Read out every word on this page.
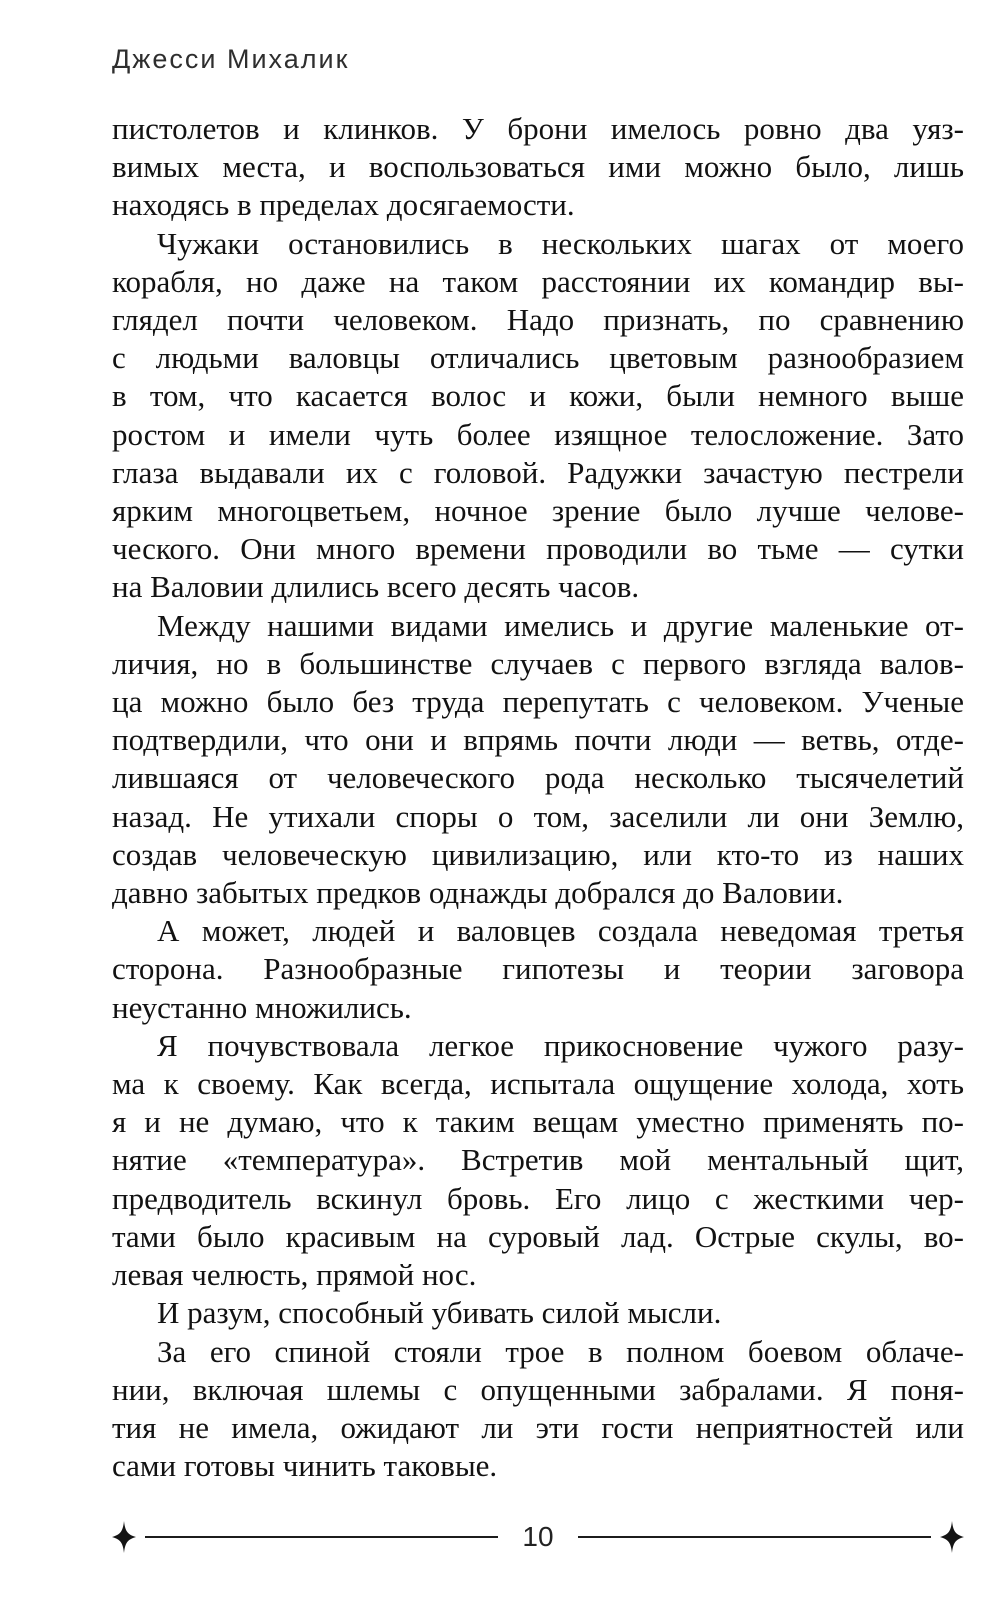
Джесси Михалик
пистолетов и клинков. У брони имелось ровно два уяз-
вимых места, и воспользоваться ими можно было, лишь
находясь в пределах досягаемости.
Чужаки остановились в нескольких шагах от моего
корабля, но даже на таком расстоянии их командир вы-
глядел почти человеком. Надо признать, по сравнению
с людьми валовцы отличались цветовым разнообразием
в том, что касается волос и кожи, были немного выше
ростом и имели чуть более изящное телосложение. Зато
глаза выдавали их с головой. Радужки зачастую пестрели
ярким многоцветьем, ночное зрение было лучше челове-
ческого. Они много времени проводили во тьме — сутки
на Валовии длились всего десять часов.
Между нашими видами имелись и другие маленькие от-
личия, но в большинстве случаев с первого взгляда валов-
ца можно было без труда перепутать с человеком. Ученые
подтвердили, что они и впрямь почти люди — ветвь, отде-
лившаяся от человеческого рода несколько тысячелетий
назад. Не утихали споры о том, заселили ли они Землю,
создав человеческую цивилизацию, или кто-то из наших
давно забытых предков однажды добрался до Валовии.
А может, людей и валовцев создала неведомая третья
сторона. Разнообразные гипотезы и теории заговора
неустанно множились.
Я почувствовала легкое прикосновение чужого разу-
ма к своему. Как всегда, испытала ощущение холода, хоть
я и не думаю, что к таким вещам уместно применять по-
нятие «температура». Встретив мой ментальный щит,
предводитель вскинул бровь. Его лицо с жесткими чер-
тами было красивым на суровый лад. Острые скулы, во-
левая челюсть, прямой нос.
И разум, способный убивать силой мысли.
За его спиной стояли трое в полном боевом облаче-
нии, включая шлемы с опущенными забралами. Я поня-
тия не имела, ожидают ли эти гости неприятностей или
сами готовы чинить таковые.
10
